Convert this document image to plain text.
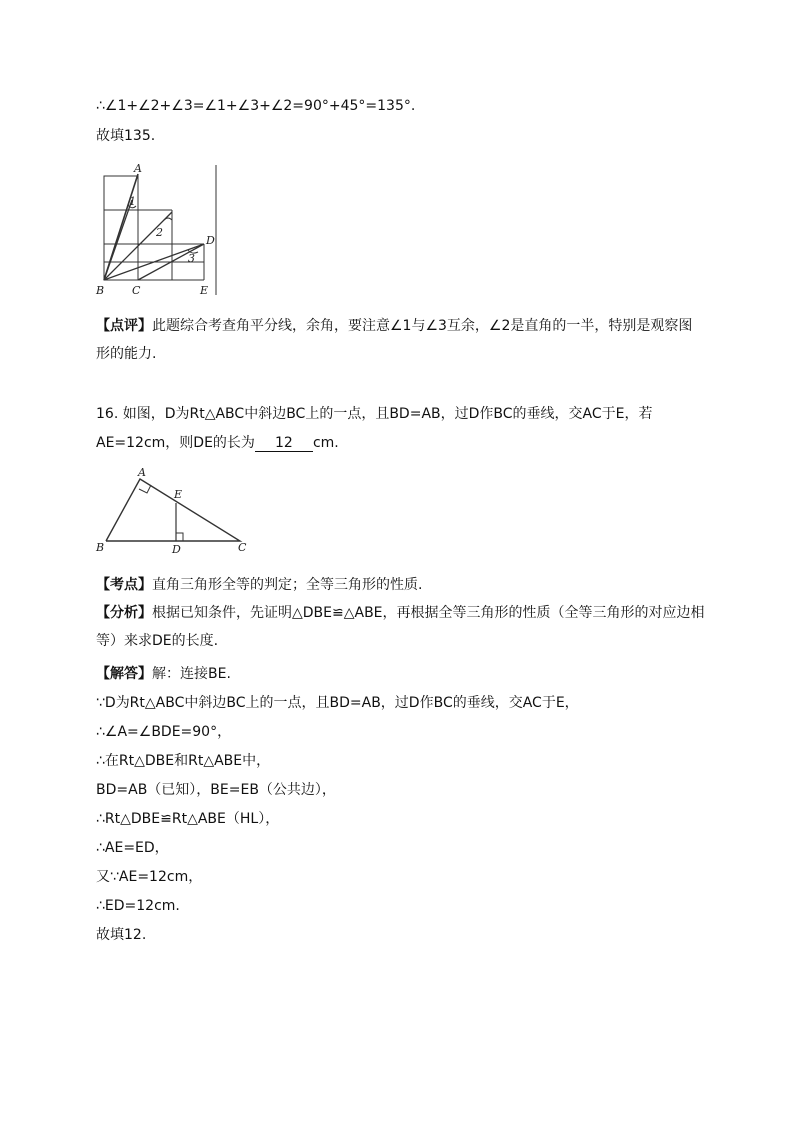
∴∠1+∠2+∠3=∠1+∠3+∠2=90°+45°=135°.
故填135.
A
1
2
D
3
B	C	E
【点评】此题综合考查角平分线，余角，要注意∠1与∠3互余，∠2是直角的一半，特别是观察图
形的能力.
16. 如图，D为Rt△ABC中斜边BC上的一点，且BD=AB，过D作BC的垂线，交AC于E，若
AE=12cm，则DE的长为 12 cm.
A
E
B	D	C
【考点】直角三角形全等的判定；全等三角形的性质.
【分析】根据已知条件，先证明△DBE≌△ABE，再根据全等三角形的性质（全等三角形的对应边相
等）来求DE的长度.
【解答】解：连接BE.
∵D为Rt△ABC中斜边BC上的一点，且BD=AB，过D作BC的垂线，交AC于E，
∴∠A=∠BDE=90°，
∴在Rt△DBE和Rt△ABE中，
BD=AB（已知），BE=EB（公共边），
∴Rt△DBE≌Rt△ABE（HL），
∴AE=ED，
又∵AE=12cm，
∴ED=12cm.
故填12.
